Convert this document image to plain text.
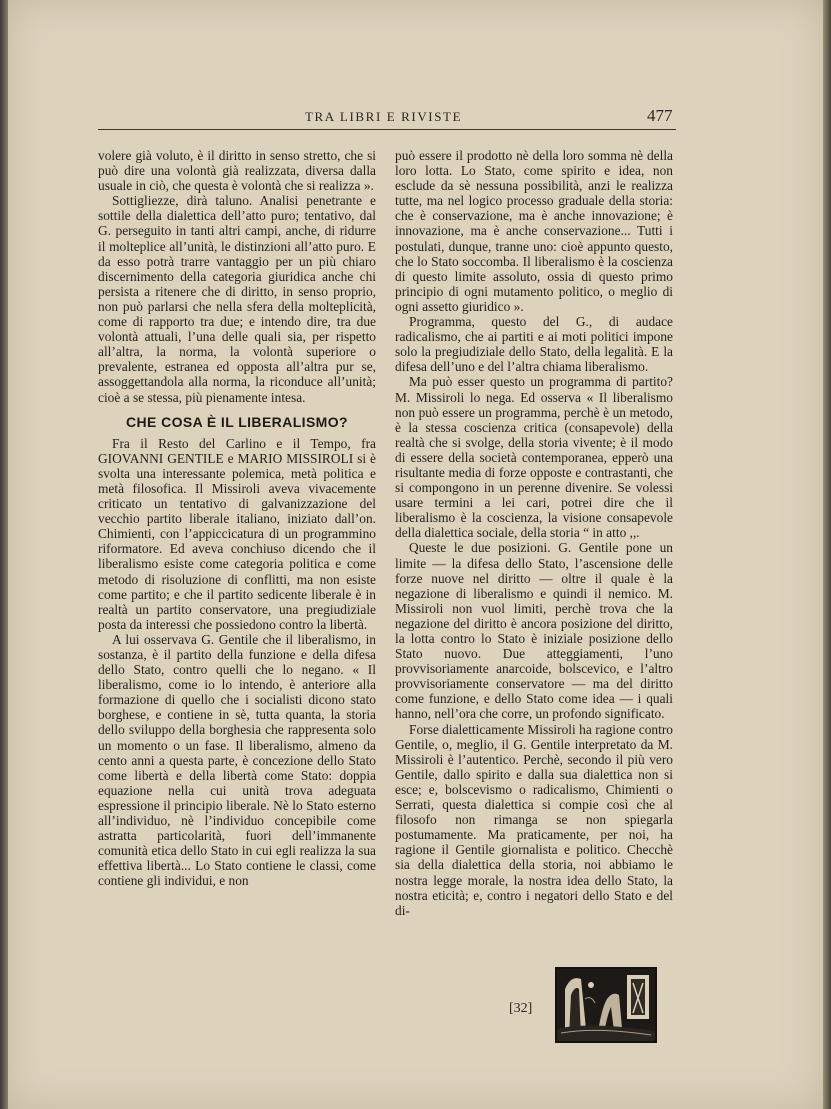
TRA LIBRI E RIVISTE	477

volere già voluto, è il diritto in senso stretto, che si può dire una volontà già realizzata, diversa dalla usuale in ciò, che questa è volontà che si realizza ».

Sottigliezze, dirà taluno. Analisi penetrante e sottile della dialettica dell’atto puro; tentativo, dal G. perseguito in tanti altri campi, anche, di ridurre il molteplice all’unità, le distinzioni all’atto puro. E da esso potrà trarre vantaggio per un più chiaro discernimento della categoria giuridica anche chi persista a ritenere che di diritto, in senso proprio, non può parlarsi che nella sfera della molteplicità, come di rapporto tra due; e intendo dire, tra due volontà attuali, l’una delle quali sia, per rispetto all’altra, la norma, la volontà superiore o prevalente, estranea ed opposta all’altra pur se, assoggettandola alla norma, la riconduce all’unità; cioè a se stessa, più pienamente intesa.

CHE COSA È IL LIBERALISMO?

Fra il Resto del Carlino e il Tempo, fra GIOVANNI GENTILE e MARIO MISSIROLI si è svolta una interessante polemica, metà politica e metà filosofica. Il Missiroli aveva vivacemente criticato un tentativo di galvanizzazione del vecchio partito liberale italiano, iniziato dall’on. Chimienti, con l’appiccicatura di un programmino riformatore. Ed aveva conchiuso dicendo che il liberalismo esiste come categoria politica e come metodo di risoluzione di conflitti, ma non esiste come partito; e che il partito sedicente liberale è in realtà un partito conservatore, una pregiudiziale posta da interessi che possiedono contro la libertà.

A lui osservava G. Gentile che il liberalismo, in sostanza, è il partito della funzione e della difesa dello Stato, contro quelli che lo negano. « Il liberalismo, come io lo intendo, è anteriore alla formazione di quello che i socialisti dicono stato borghese, e contiene in sè, tutta quanta, la storia dello sviluppo della borghesia che rappresenta solo un momento o un fase. Il liberalismo, almeno da cento anni a questa parte, è concezione dello Stato come libertà e della libertà come Stato: doppia equazione nella cui unità trova adeguata espressione il principio liberale. Nè lo Stato esterno all’individuo, nè l’individuo concepibile come astratta particolarità, fuori dell’immanente comunità etica dello Stato in cui egli realizza la sua effettiva libertà... Lo Stato contiene le classi, come contiene gli individui, e non

può essere il prodotto nè della loro somma nè della loro lotta. Lo Stato, come spirito e idea, non esclude da sè nessuna possibilità, anzi le realizza tutte, ma nel logico processo graduale della storia: che è conservazione, ma è anche innovazione; è innovazione, ma è anche conservazione... Tutti i postulati, dunque, tranne uno: cioè appunto questo, che lo Stato soccomba. Il liberalismo è la coscienza di questo limite assoluto, ossia di questo primo principio di ogni mutamento politico, o meglio di ogni assetto giuridico ».

Programma, questo del G., di audace radicalismo, che ai partiti e ai moti politici impone solo la pregiudiziale dello Stato, della legalità. E la difesa dell’uno e del l’altra chiama liberalismo.

Ma può esser questo un programma di partito? M. Missiroli lo nega. Ed osserva « Il liberalismo non può essere un programma, perchè è un metodo, è la stessa coscienza critica (consapevole) della realtà che si svolge, della storia vivente; è il modo di essere della società contemporanea, epperò una risultante media di forze opposte e contrastanti, che si compongono in un perenne divenire. Se volessi usare termini a lei cari, potrei dire che il liberalismo è la coscienza, la visione consapevole della dialettica sociale, della storia “ in atto ,,.

Queste le due posizioni. G. Gentile pone un limite — la difesa dello Stato, l’ascensione delle forze nuove nel diritto — oltre il quale è la negazione di liberalismo e quindi il nemico. M. Missiroli non vuol limiti, perchè trova che la negazione del diritto è ancora posizione del diritto, la lotta contro lo Stato è iniziale posizione dello Stato nuovo. Due atteggiamenti, l’uno provvisoriamente anarcoide, bolscevico, e l’altro provvisoriamente conservatore — ma del diritto come funzione, e dello Stato come idea — i quali hanno, nell’ora che corre, un profondo significato.

Forse dialetticamente Missiroli ha ragione contro Gentile, o, meglio, il G. Gentile interpretato da M. Missiroli è l’autentico. Perchè, secondo il più vero Gentile, dallo spirito e dalla sua dialettica non si esce; e, bolscevismo o radicalismo, Chimienti o Serrati, questa dialettica si compie così che al filosofo non rimanga se non spiegarla postumamente. Ma praticamente, per noi, ha ragione il Gentile giornalista e politico. Checchè sia della dialettica della storia, noi abbiamo le nostra legge morale, la nostra idea dello Stato, la nostra eticità; e, contro i negatori dello Stato e del di-

[32]
